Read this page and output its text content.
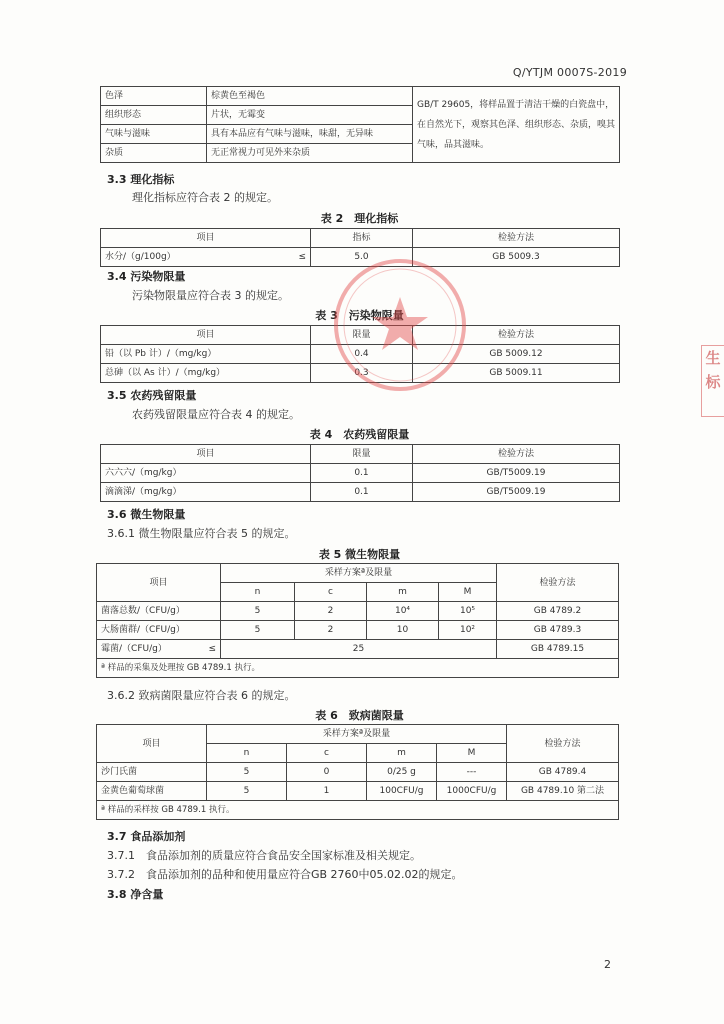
Q/YTJM 0007S-2019
色泽	棕黄色至褐色	GB/T 29605，将样品置于清洁干燥的白瓷盘中，在自然光下，观察其色泽、组织形态、杂质，嗅其气味，品其滋味。
组织形态	片状，无霉变	
气味与滋味	具有本品应有气味与滋味，味甜，无异味	
杂质	无正常视力可见外来杂质	
3.3 理化指标
理化指标应符合表 2 的规定。
表 2　理化指标
项目	指标	检验方法

水分/（g/100g） ≤	5.0	GB 5009.3
3.4 污染物限量
污染物限量应符合表 3 的规定。
表 3　污染物限量
项目	限量	检验方法
铅（以 Pb 计）/（mg/kg）	0.4	GB 5009.12
总砷（以 As 计）/（mg/kg）	0.3	GB 5009.11
3.5 农药残留限量
农药残留限量应符合表 4 的规定。
表 4　农药残留限量
项目	限量	检验方法
六六六/（mg/kg）	0.1	GB/T5009.19
滴滴涕/（mg/kg）	0.1	GB/T5009.19
3.6 微生物限量
3.6.1 微生物限量应符合表 5 的规定。
表 5 微生物限量
项目	采样方案ª及限量				检验方法
	n	c	m	M	
菌落总数/（CFU/g）	5	2	10⁴	10⁵	GB 4789.2
大肠菌群/（CFU/g）	5	2	10	10²	GB 4789.3

霉菌/（CFU/g） ≤	25				GB 4789.15
ª 样品的采集及处理按 GB 4789.1 执行。					
3.6.2 致病菌限量应符合表 6 的规定。
表 6　致病菌限量
项目	采样方案ª及限量				检验方法
	n	c	m	M	
沙门氏菌	5	0	0/25 g	---	GB 4789.4
金黄色葡萄球菌	5	1	100CFU/g	1000CFU/g	GB 4789.10 第二法
ª 样品的采样按 GB 4789.1 执行。					
3.7 食品添加剂
3.7.1　食品添加剂的质量应符合食品安全国家标准及相关规定。
3.7.2　食品添加剂的品种和使用量应符合GB 2760中05.02.02的规定。
3.8 净含量
生 标
2
